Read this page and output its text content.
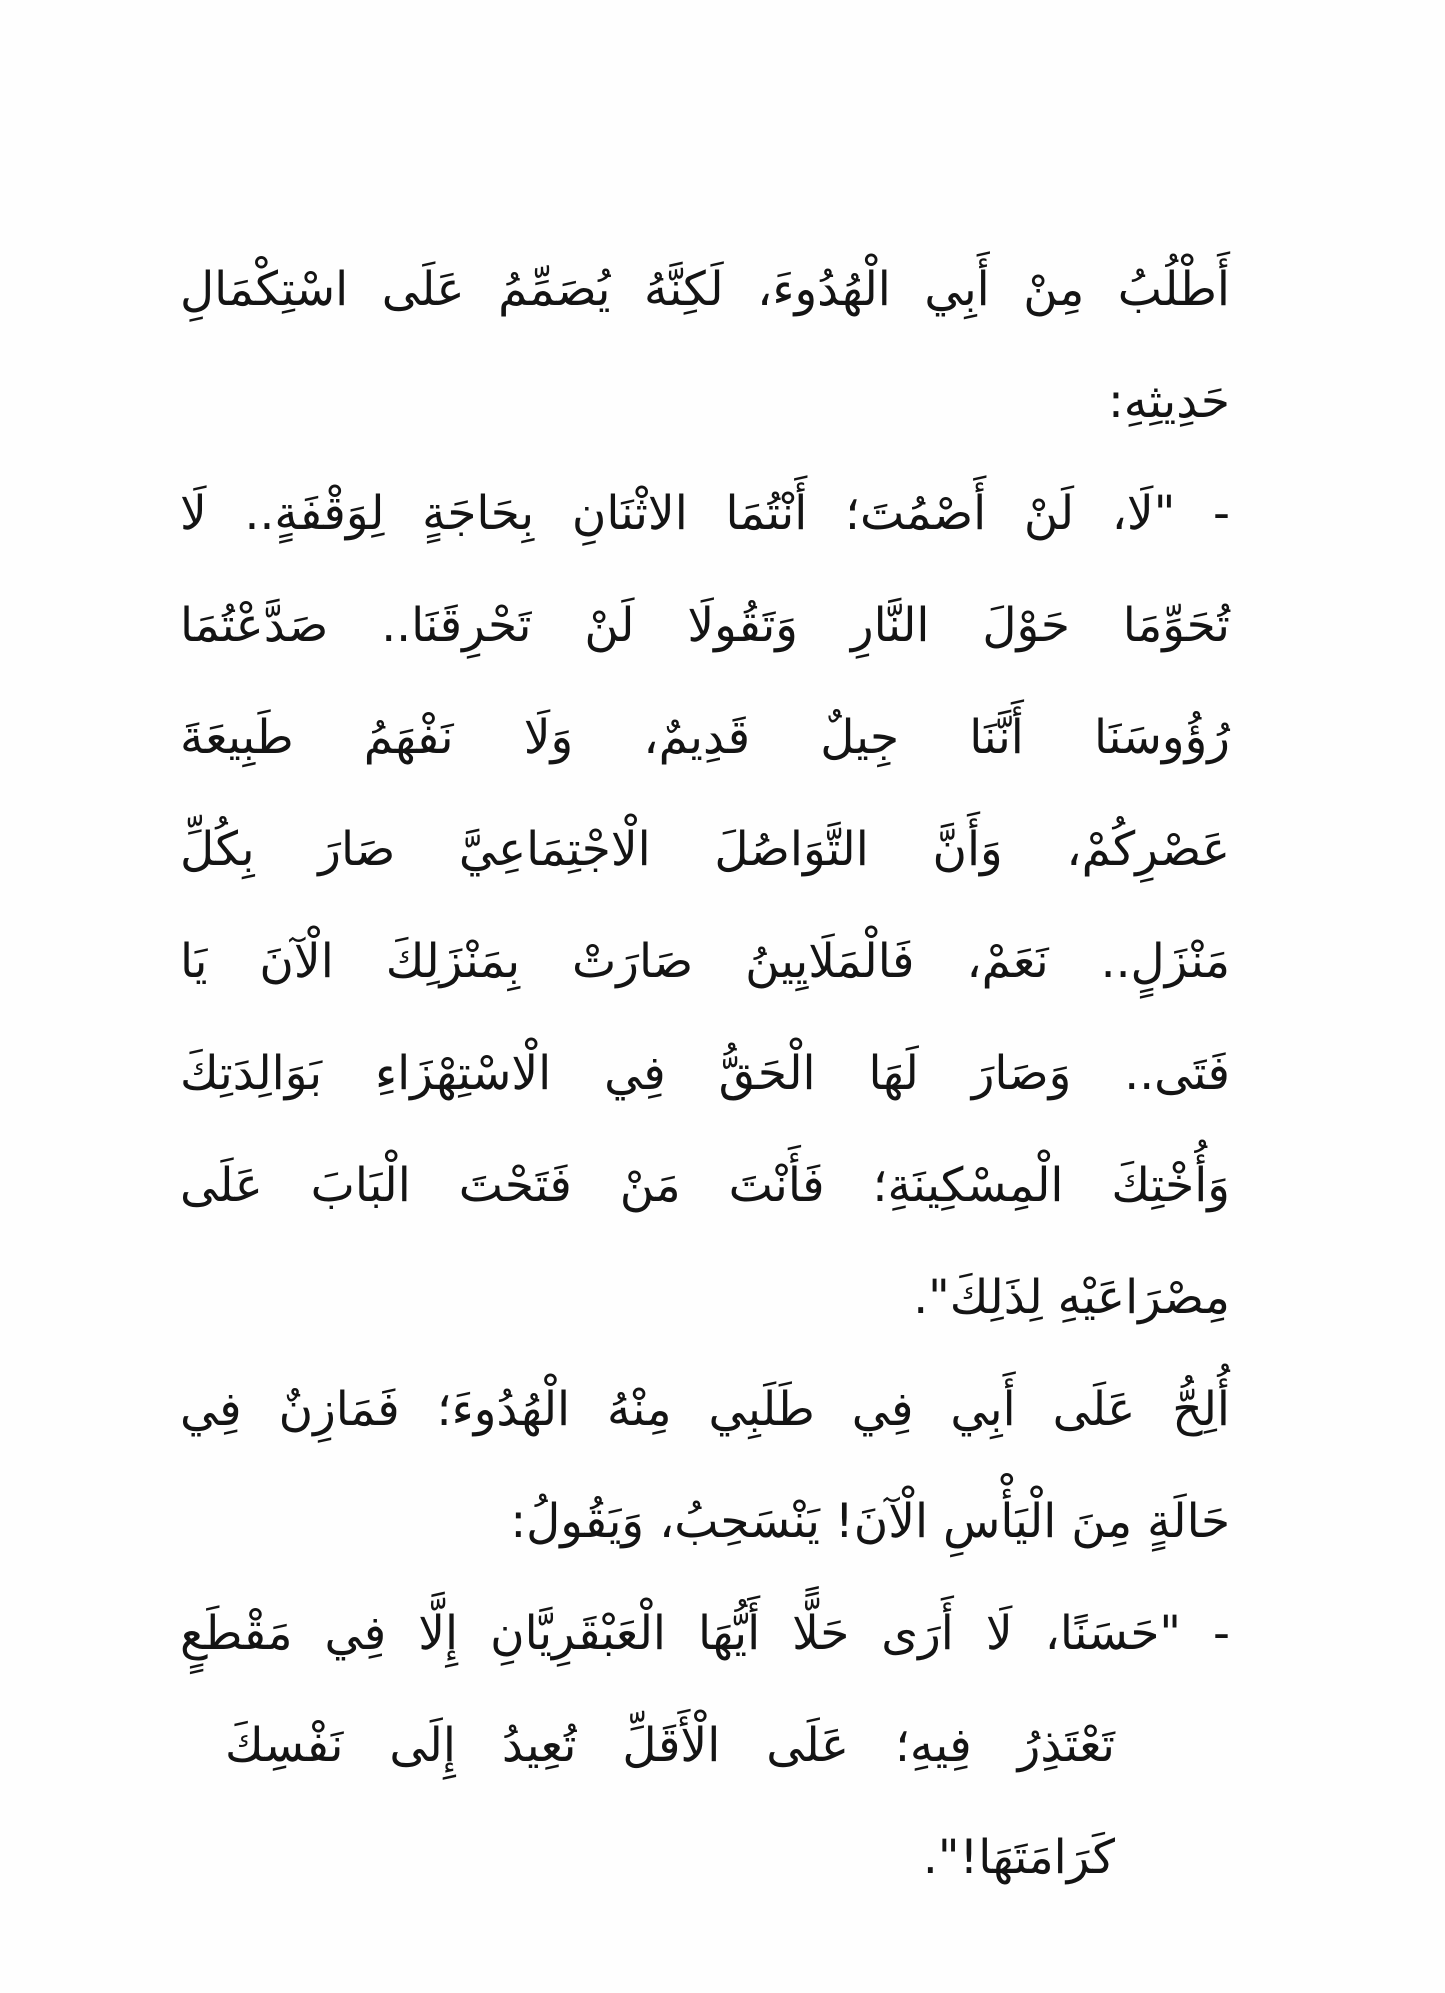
أَطْلُبُ مِنْ أَبِي الْهُدُوءَ، لَكِنَّهُ يُصَمِّمُ عَلَى اسْتِكْمَالِ
حَدِيثِهِ:
- "لَا، لَنْ أَصْمُتَ؛ أَنْتُمَا الاثْنَانِ بِحَاجَةٍ لِوَقْفَةٍ.. لَا
تُحَوِّمَا حَوْلَ النَّارِ وَتَقُولَا لَنْ تَحْرِقَنَا.. صَدَّعْتُمَا
رُؤُوسَنَا أَنَّنَا جِيلٌ قَدِيمٌ، وَلَا نَفْهَمُ طَبِيعَةَ
عَصْرِكُمْ، وَأَنَّ التَّوَاصُلَ الْاجْتِمَاعِيَّ صَارَ بِكُلِّ
مَنْزَلٍ.. نَعَمْ، فَالْمَلَايِينُ صَارَتْ بِمَنْزَلِكَ الْآنَ يَا
فَتَى.. وَصَارَ لَهَا الْحَقُّ فِي الْاسْتِهْزَاءِ بَوَالِدَتِكَ
وَأُخْتِكَ الْمِسْكِينَةِ؛ فَأَنْتَ مَنْ فَتَحْتَ الْبَابَ عَلَى
مِصْرَاعَيْهِ لِذَلِكَ".
أُلِحُّ عَلَى أَبِي فِي طَلَبِي مِنْهُ الْهُدُوءَ؛ فَمَازِنٌ فِي
حَالَةٍ مِنَ الْيَأْسِ الْآنَ! يَنْسَحِبُ، وَيَقُولُ:
- "حَسَنًا، لَا أَرَى حَلًّا أَيُّهَا الْعَبْقَرِيَّانِ إِلَّا فِي مَقْطَعٍ
تَعْتَذِرُ فِيهِ؛ عَلَى الْأَقَلِّ تُعِيدُ إِلَى نَفْسِكَ كَرَامَتَهَا!".
